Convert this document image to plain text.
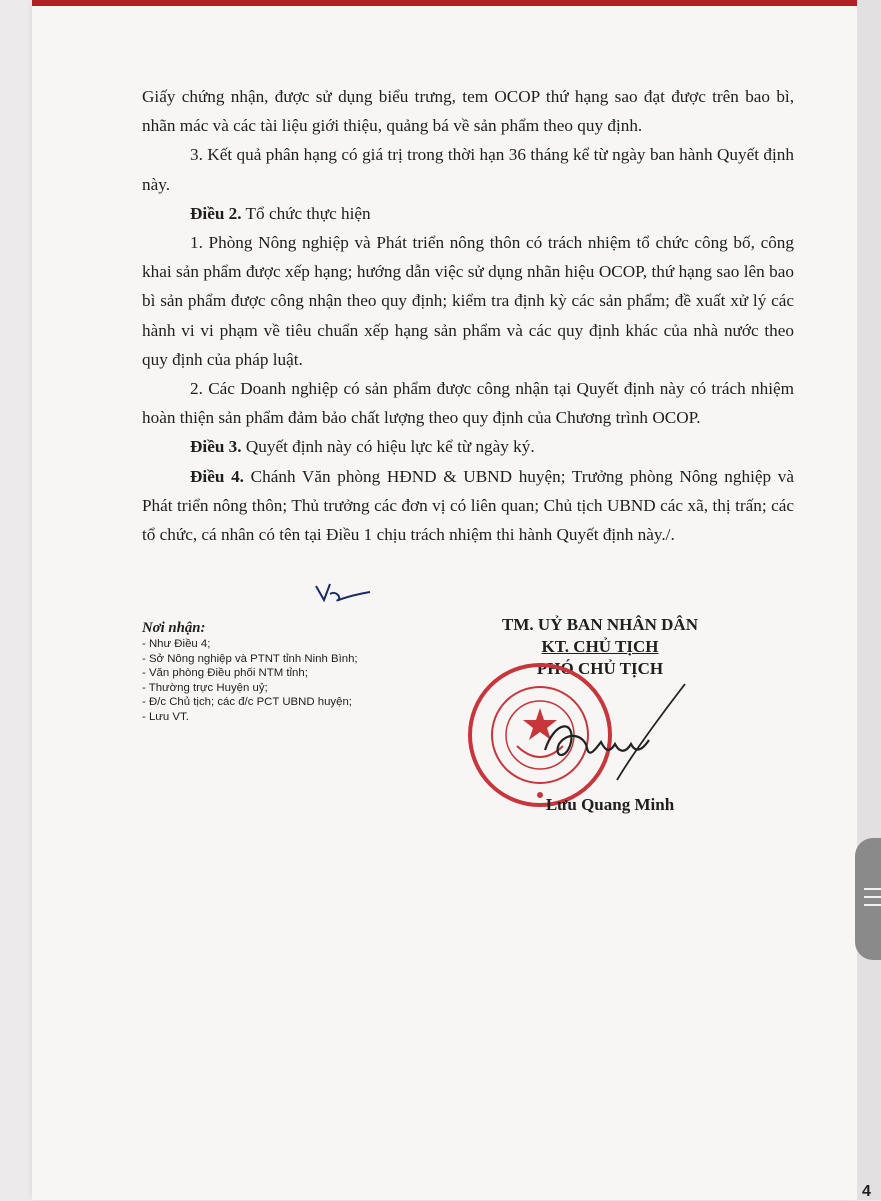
Giấy chứng nhận, được sử dụng biểu trưng, tem OCOP thứ hạng sao đạt được trên bao bì, nhãn mác và các tài liệu giới thiệu, quảng bá về sản phẩm theo quy định.

3. Kết quả phân hạng có giá trị trong thời hạn 36 tháng kể từ ngày ban hành Quyết định này.

Điều 2. Tổ chức thực hiện

1. Phòng Nông nghiệp và Phát triển nông thôn có trách nhiệm tổ chức công bố, công khai sản phẩm được xếp hạng; hướng dẫn việc sử dụng nhãn hiệu OCOP, thứ hạng sao lên bao bì sản phẩm được công nhận theo quy định; kiểm tra định kỳ các sản phẩm; đề xuất xử lý các hành vi vi phạm về tiêu chuẩn xếp hạng sản phẩm và các quy định khác của nhà nước theo quy định của pháp luật.

2. Các Doanh nghiệp có sản phẩm được công nhận tại Quyết định này có trách nhiệm hoàn thiện sản phẩm đảm bảo chất lượng theo quy định của Chương trình OCOP.

Điều 3. Quyết định này có hiệu lực kể từ ngày ký.

Điều 4. Chánh Văn phòng HĐND & UBND huyện; Trưởng phòng Nông nghiệp và Phát triển nông thôn; Thủ trưởng các đơn vị có liên quan; Chủ tịch UBND các xã, thị trấn; các tổ chức, cá nhân có tên tại Điều 1 chịu trách nhiệm thi hành Quyết định này./.

Nơi nhận:
- Như Điều 4;
- Sở Nông nghiệp và PTNT tỉnh Ninh Bình;
- Văn phòng Điều phối NTM tỉnh;
- Thường trực Huyện uỷ;
- Đ/c Chủ tịch; các đ/c PCT UBND huyện;
- Lưu VT.
TM. UỶ BAN NHÂN DÂN
KT. CHỦ TỊCH
PHÓ CHỦ TỊCH
Lưu Quang Minh
4
